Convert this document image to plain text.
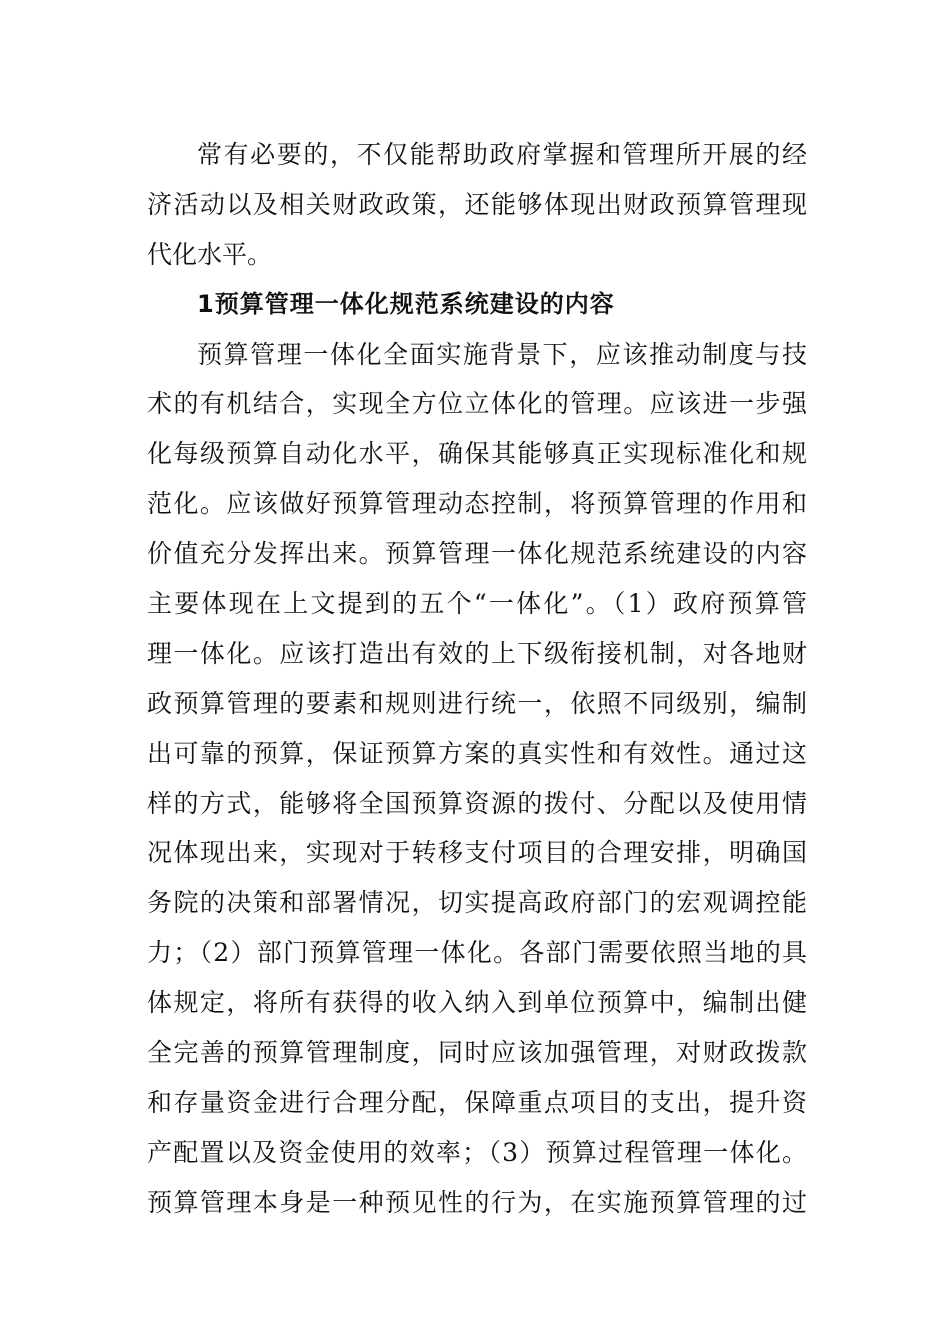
常有必要的，不仅能帮助政府掌握和管理所开展的经
济活动以及相关财政政策，还能够体现出财政预算管理现
代化水平。
1预算管理一体化规范系统建设的内容
预算管理一体化全面实施背景下，应该推动制度与技
术的有机结合，实现全方位立体化的管理。应该进一步强
化每级预算自动化水平，确保其能够真正实现标准化和规
范化。应该做好预算管理动态控制，将预算管理的作用和
价值充分发挥出来。预算管理一体化规范系统建设的内容
主要体现在上文提到的五个“一体化”。（1）政府预算管
理一体化。应该打造出有效的上下级衔接机制，对各地财
政预算管理的要素和规则进行统一，依照不同级别，编制
出可靠的预算，保证预算方案的真实性和有效性。通过这
样的方式，能够将全国预算资源的拨付、分配以及使用情
况体现出来，实现对于转移支付项目的合理安排，明确国
务院的决策和部署情况，切实提高政府部门的宏观调控能
力；（2）部门预算管理一体化。各部门需要依照当地的具
体规定，将所有获得的收入纳入到单位预算中，编制出健
全完善的预算管理制度，同时应该加强管理，对财政拨款
和存量资金进行合理分配，保障重点项目的支出，提升资
产配置以及资金使用的效率；（3）预算过程管理一体化。
预算管理本身是一种预见性的行为，在实施预算管理的过
